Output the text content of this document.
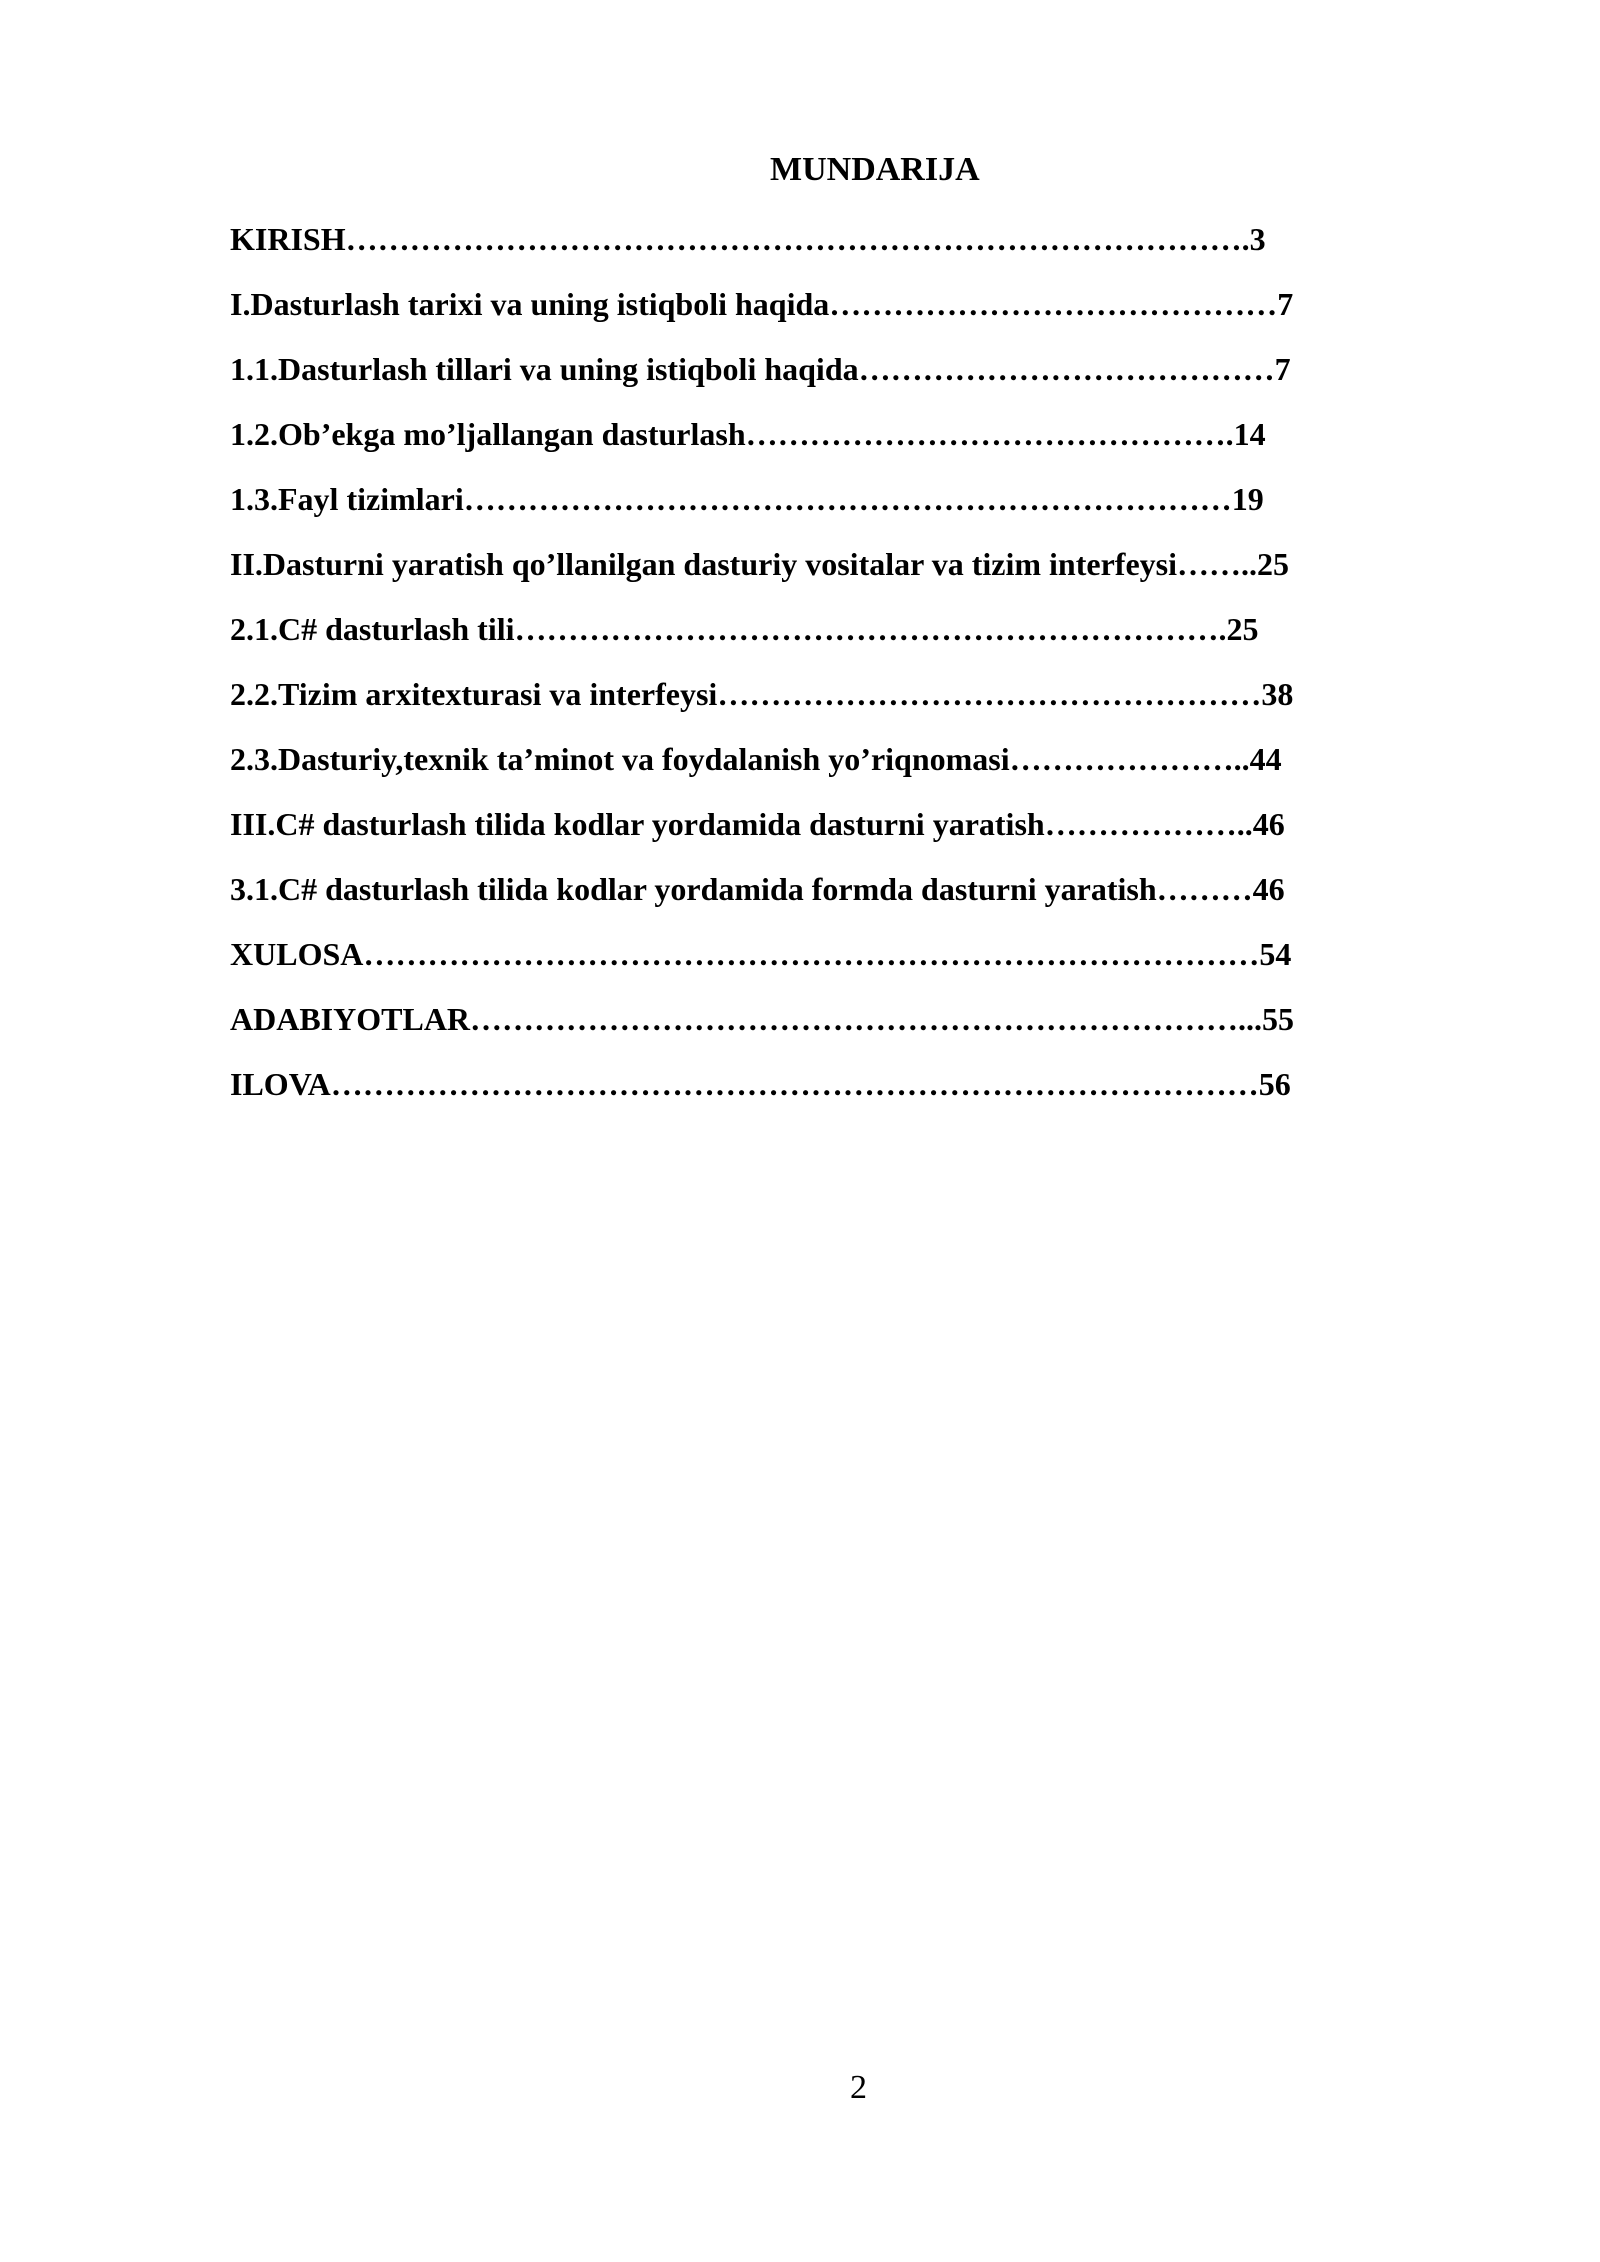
MUNDARIJA
KIRISH………………………………………………………………………….3
I.Dasturlash tarixi va uning istiqboli haqida……………………………………7
1.1.Dasturlash tillari va uning istiqboli haqida…………………………………7
1.2.Ob’ekga mo’ljallangan dasturlash……………………………………….14
1.3.Fayl tizimlari………………………………………………………………19
II.Dasturni yaratish qo’llanilgan dasturiy vositalar va tizim interfeysi……..25
2.1.C# dasturlash tili………………………………………………………….25
2.2.Tizim arxitexturasi va interfeysi……………………………………………38
2.3.Dasturiy,texnik ta’minot va foydalanish yo’riqnomasi…………………..44
III.C# dasturlash tilida kodlar yordamida dasturni yaratish………………..46
3.1.C# dasturlash tilida kodlar yordamida formda dasturni yaratish………46
XULOSA…………………………………………………………………………54
ADABIYOTLAR………………………………………………………………...55
ILOVA……………………………………………………………………………56
2
